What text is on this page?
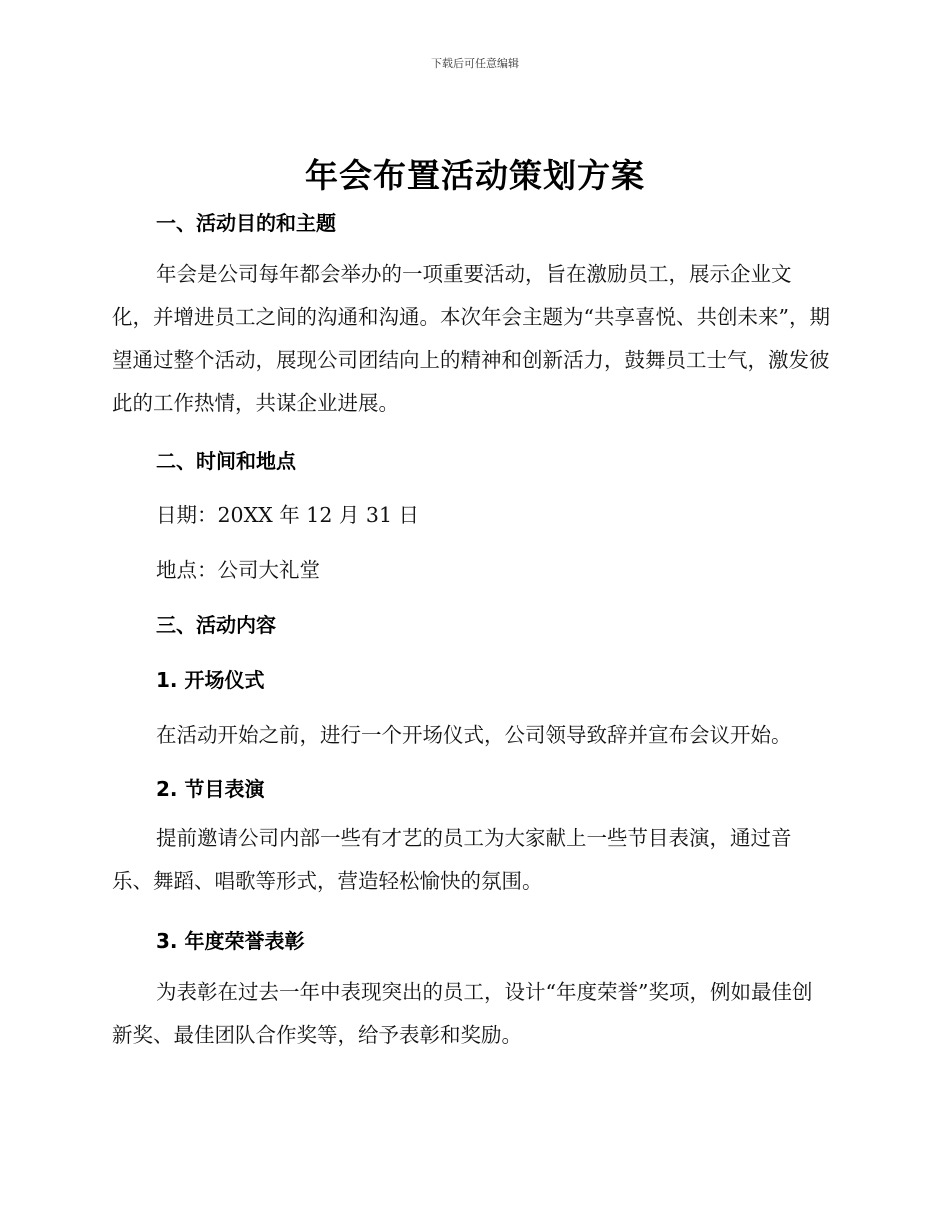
下载后可任意编辑
年会布置活动策划方案
一、活动目的和主题
年会是公司每年都会举办的一项重要活动，旨在激励员工，展示企业文化，并增进员工之间的沟通和沟通。本次年会主题为“共享喜悦、共创未来”，期望通过整个活动，展现公司团结向上的精神和创新活力，鼓舞员工士气，激发彼此的工作热情，共谋企业进展。
二、时间和地点
日期：20XX 年 12 月 31 日
地点：公司大礼堂
三、活动内容
1. 开场仪式
在活动开始之前，进行一个开场仪式，公司领导致辞并宣布会议开始。
2. 节目表演
提前邀请公司内部一些有才艺的员工为大家献上一些节目表演，通过音乐、舞蹈、唱歌等形式，营造轻松愉快的氛围。
3. 年度荣誉表彰
为表彰在过去一年中表现突出的员工，设计“年度荣誉”奖项，例如最佳创新奖、最佳团队合作奖等，给予表彰和奖励。
